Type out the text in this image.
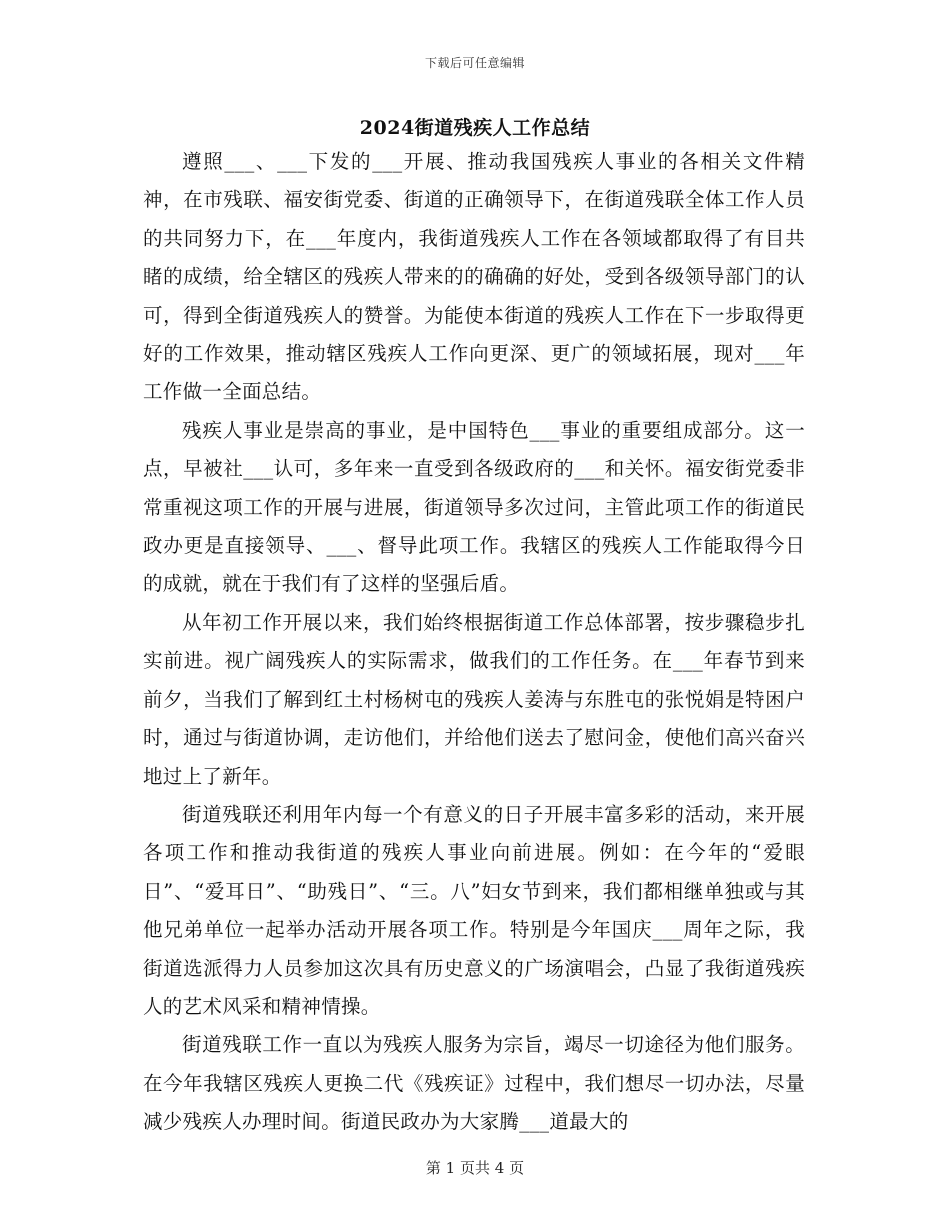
下载后可任意编辑
2024街道残疾人工作总结

遵照___、___下发的___开展、推动我国残疾人事业的各相关文件精神，在市残联、福安街党委、街道的正确领导下，在街道残联全体工作人员的共同努力下，在___年度内，我街道残疾人工作在各领域都取得了有目共睹的成绩，给全辖区的残疾人带来的的确确的好处，受到各级领导部门的认可，得到全街道残疾人的赞誉。为能使本街道的残疾人工作在下一步取得更好的工作效果，推动辖区残疾人工作向更深、更广的领域拓展，现对___年工作做一全面总结。

残疾人事业是崇高的事业，是中国特色___事业的重要组成部分。这一点，早被社___认可，多年来一直受到各级政府的___和关怀。福安街党委非常重视这项工作的开展与进展，街道领导多次过问，主管此项工作的街道民政办更是直接领导、___、督导此项工作。我辖区的残疾人工作能取得今日的成就，就在于我们有了这样的坚强后盾。

从年初工作开展以来，我们始终根据街道工作总体部署，按步骤稳步扎实前进。视广阔残疾人的实际需求，做我们的工作任务。在___年春节到来前夕，当我们了解到红土村杨树屯的残疾人姜涛与东胜屯的张悦娟是特困户时，通过与街道协调，走访他们，并给他们送去了慰问金，使他们高兴奋兴地过上了新年。

街道残联还利用年内每一个有意义的日子开展丰富多彩的活动，来开展各项工作和推动我街道的残疾人事业向前进展。例如：在今年的“爱眼日”、“爱耳日”、“助残日”、“三。八”妇女节到来，我们都相继单独或与其他兄弟单位一起举办活动开展各项工作。特别是今年国庆___周年之际，我街道选派得力人员参加这次具有历史意义的广场演唱会，凸显了我街道残疾人的艺术风采和精神情操。

街道残联工作一直以为残疾人服务为宗旨，竭尽一切途径为他们服务。在今年我辖区残疾人更换二代《残疾证》过程中，我们想尽一切办法，尽量减少残疾人办理时间。街道民政办为大家腾___道最大的

第 1 页共 4 页
